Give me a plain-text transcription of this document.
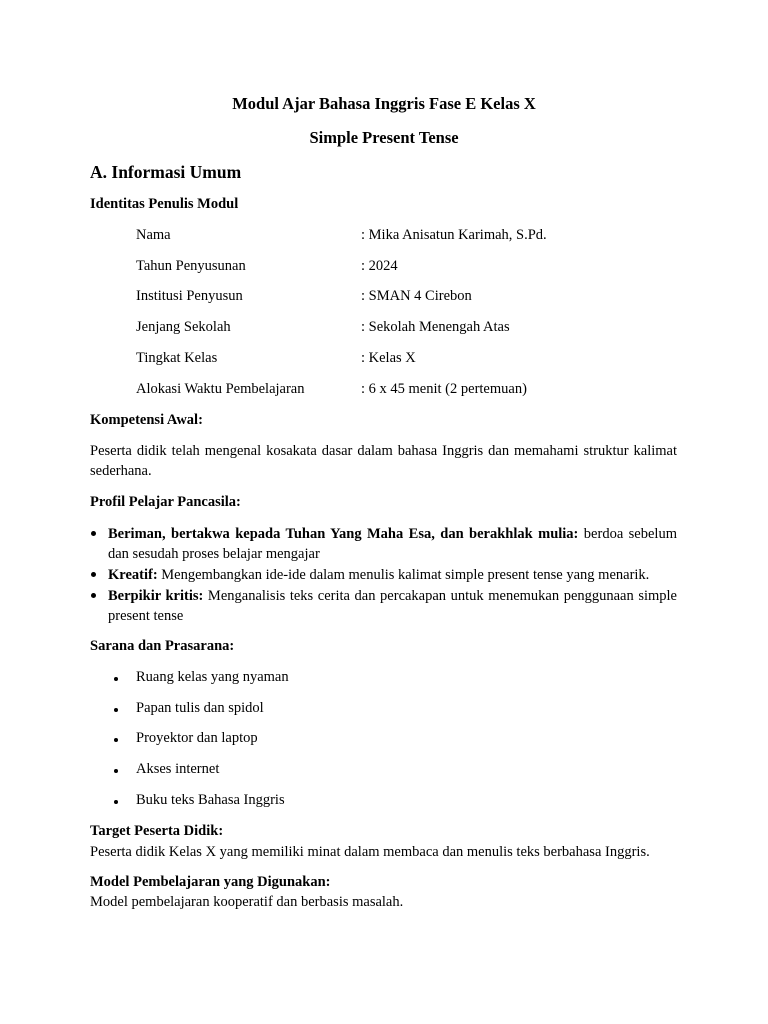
Modul Ajar Bahasa Inggris Fase E Kelas X
Simple Present Tense
A. Informasi Umum
Identitas Penulis Modul
Nama	: Mika Anisatun Karimah, S.Pd.
Tahun Penyusunan	: 2024
Institusi Penyusun	: SMAN 4 Cirebon
Jenjang Sekolah	: Sekolah Menengah Atas
Tingkat Kelas	: Kelas X
Alokasi Waktu Pembelajaran	: 6 x 45 menit (2 pertemuan)
Kompetensi Awal:
Peserta didik telah mengenal kosakata dasar dalam bahasa Inggris dan memahami struktur kalimat sederhana.
Profil Pelajar Pancasila:
Beriman, bertakwa kepada Tuhan Yang Maha Esa, dan berakhlak mulia: berdoa sebelum dan sesudah proses belajar mengajar
Kreatif: Mengembangkan ide-ide dalam menulis kalimat simple present tense yang menarik.
Berpikir kritis: Menganalisis teks cerita dan percakapan untuk menemukan penggunaan simple present tense
Sarana dan Prasarana:
Ruang kelas yang nyaman
Papan tulis dan spidol
Proyektor dan laptop
Akses internet
Buku teks Bahasa Inggris
Target Peserta Didik:
Peserta didik Kelas X yang memiliki minat dalam membaca dan menulis teks berbahasa Inggris.
Model Pembelajaran yang Digunakan:
Model pembelajaran kooperatif dan berbasis masalah.
